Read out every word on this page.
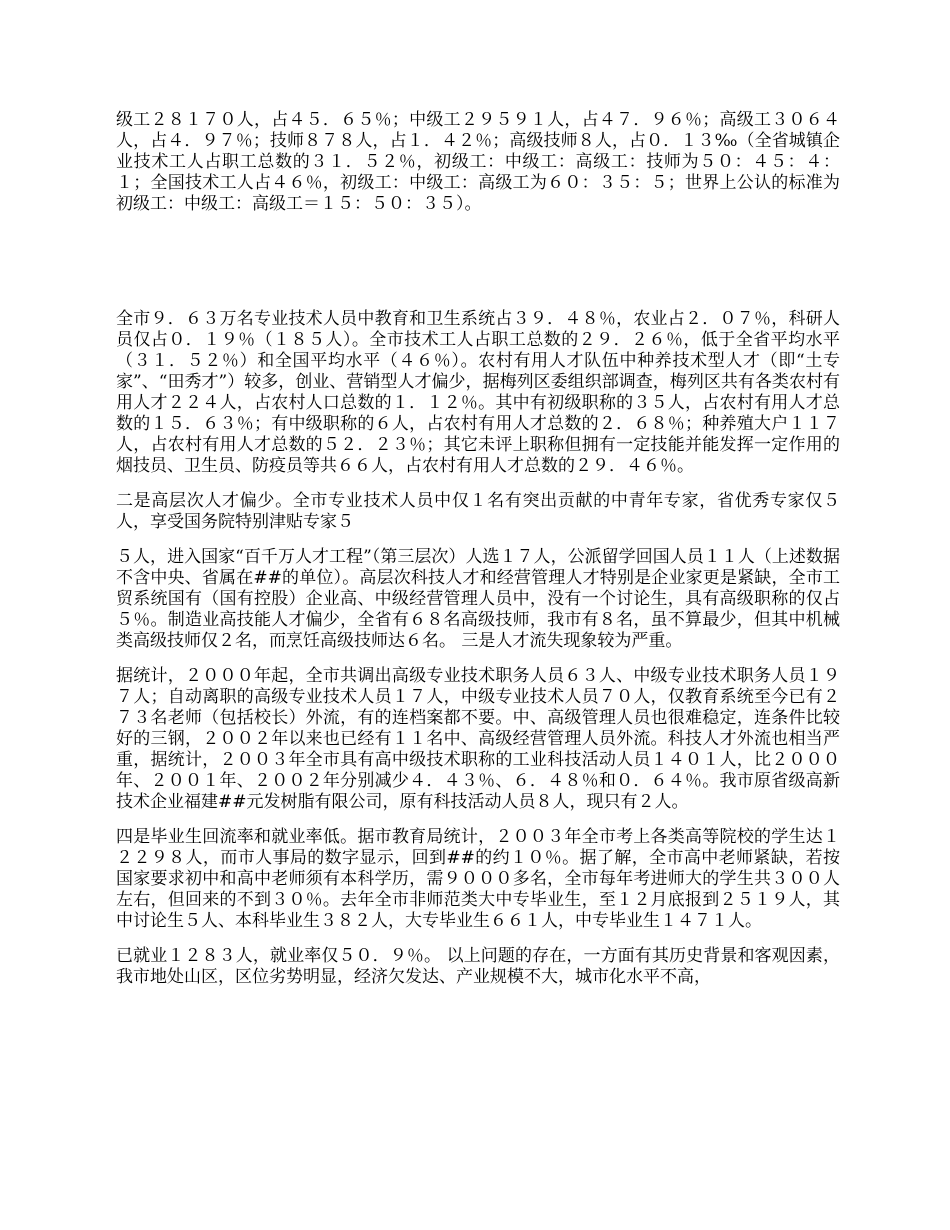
级工２８１７０人，占４５．６５％；中级工２９５９１人，占４７．９６％；高级工３０６４人，占４．９７％；技师８７８人，占１．４２％；高级技师８人，占０．１３‰（全省城镇企业技术工人占职工总数的３１．５２％，初级工：中级工：高级工：技师为５０：４５：４：１；全国技术工人占４６％，初级工：中级工：高级工为６０：３５：５；世界上公认的标准为初级工：中级工：高级工＝１５：５０：３５）。

全市９．６３万名专业技术人员中教育和卫生系统占３９．４８％，农业占２．０７％，科研人员仅占０．１９％（１８５人）。全市技术工人占职工总数的２９．２６％，低于全省平均水平（３１．５２％）和全国平均水平（４６％）。农村有用人才队伍中种养技术型人才（即“土专家”、“田秀才”）较多，创业、营销型人才偏少，据梅列区委组织部调查，梅列区共有各类农村有用人才２２４人，占农村人口总数的１．１２％。其中有初级职称的３５人，占农村有用人才总数的１５．６３％；有中级职称的６人，占农村有用人才总数的２．６８％；种养殖大户１１７人，占农村有用人才总数的５２．２３％；其它未评上职称但拥有一定技能并能发挥一定作用的烟技员、卫生员、防疫员等共６６人，占农村有用人才总数的２９．４６％。

二是高层次人才偏少。全市专业技术人员中仅１名有突出贡献的中青年专家，省优秀专家仅５人，享受国务院特别津贴专家５

５人，进入国家“百千万人才工程”（第三层次）人选１７人，公派留学回国人员１１人（上述数据不含中央、省属在##的单位）。高层次科技人才和经营管理人才特别是企业家更是紧缺，全市工贸系统国有（国有控股）企业高、中级经营管理人员中，没有一个讨论生，具有高级职称的仅占５％。制造业高技能人才偏少，全省有６８名高级技师，我市有８名，虽不算最少，但其中机械类高级技师仅２名，而烹饪高级技师达６名。 三是人才流失现象较为严重。

据统计，２０００年起，全市共调出高级专业技术职务人员６３人、中级专业技术职务人员１９７人；自动离职的高级专业技术人员１７人，中级专业技术人员７０人，仅教育系统至今已有２７３名老师（包括校长）外流，有的连档案都不要。中、高级管理人员也很难稳定，连条件比较好的三钢，２００２年以来也已经有１１名中、高级经营管理人员外流。科技人才外流也相当严重，据统计，２００３年全市具有高中级技术职称的工业科技活动人员１４０１人，比２０００年、２００１年、２００２年分别减少４．４３％、６．４８％和０．６４％。我市原省级高新技术企业福建##元发树脂有限公司，原有科技活动人员８人，现只有２人。

四是毕业生回流率和就业率低。据市教育局统计，２００３年全市考上各类高等院校的学生达１２２９８人，而市人事局的数字显示，回到##的约１０％。据了解，全市高中老师紧缺，若按国家要求初中和高中老师须有本科学历，需９０００多名，全市每年考进师大的学生共３００人左右，但回来的不到３０％。去年全市非师范类大中专毕业生，至１２月底报到２５１９人，其中讨论生５人、本科毕业生３８２人，大专毕业生６６１人，中专毕业生１４７１人。

已就业１２８３人，就业率仅５０．９％。 以上问题的存在，一方面有其历史背景和客观因素，我市地处山区，区位劣势明显，经济欠发达、产业规模不大，城市化水平不高，
